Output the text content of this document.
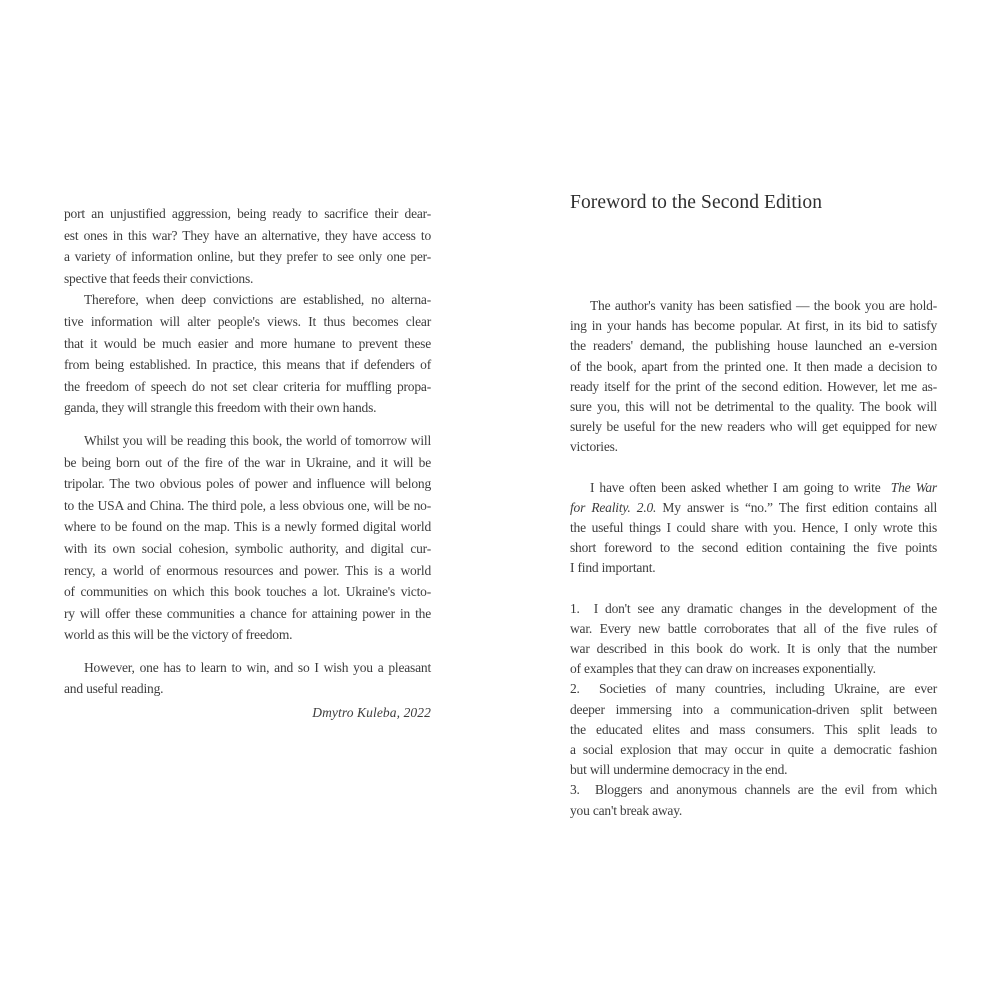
port an unjustified aggression, being ready to sacrifice their dear-
est ones in this war? They have an alternative, they have access to
a variety of information online, but they prefer to see only one per-
spective that feeds their convictions.
Therefore, when deep convictions are established, no alterna-
tive information will alter people's views. It thus becomes clear
that it would be much easier and more humane to prevent these
from being established. In practice, this means that if defenders of
the freedom of speech do not set clear criteria for muffling propa-
ganda, they will strangle this freedom with their own hands.
Whilst you will be reading this book, the world of tomorrow will
be being born out of the fire of the war in Ukraine, and it will be
tripolar. The two obvious poles of power and influence will belong
to the USA and China. The third pole, a less obvious one, will be no-
where to be found on the map. This is a newly formed digital world
with its own social cohesion, symbolic authority, and digital cur-
rency, a world of enormous resources and power. This is a world
of communities on which this book touches a lot. Ukraine's victo-
ry will offer these communities a chance for attaining power in the
world as this will be the victory of freedom.
However, one has to learn to win, and so I wish you a pleasant
and useful reading.
Dmytro Kuleba, 2022
Foreword to the Second Edition
The author's vanity has been satisfied — the book you are hold-
ing in your hands has become popular. At first, in its bid to satisfy
the readers' demand, the publishing house launched an e-version
of the book, apart from the printed one. It then made a decision to
ready itself for the print of the second edition. However, let me as-
sure you, this will not be detrimental to the quality. The book will
surely be useful for the new readers who will get equipped for new
victories.
I have often been asked whether I am going to write  The War
for Reality. 2.0. My answer is “no.” The first edition contains all
the useful things I could share with you. Hence, I only wrote this
short foreword to the second edition containing the five points
I find important.
1.  I don't see any dramatic changes in the development of the
war. Every new battle corroborates that all of the five rules of
war described in this book do work. It is only that the number
of examples that they can draw on increases exponentially.
2.  Societies of many countries, including Ukraine, are ever
deeper immersing into a communication-driven split between
the educated elites and mass consumers. This split leads to
a social explosion that may occur in quite a democratic fashion
but will undermine democracy in the end.
3.  Bloggers and anonymous channels are the evil from which
you can't break away.
